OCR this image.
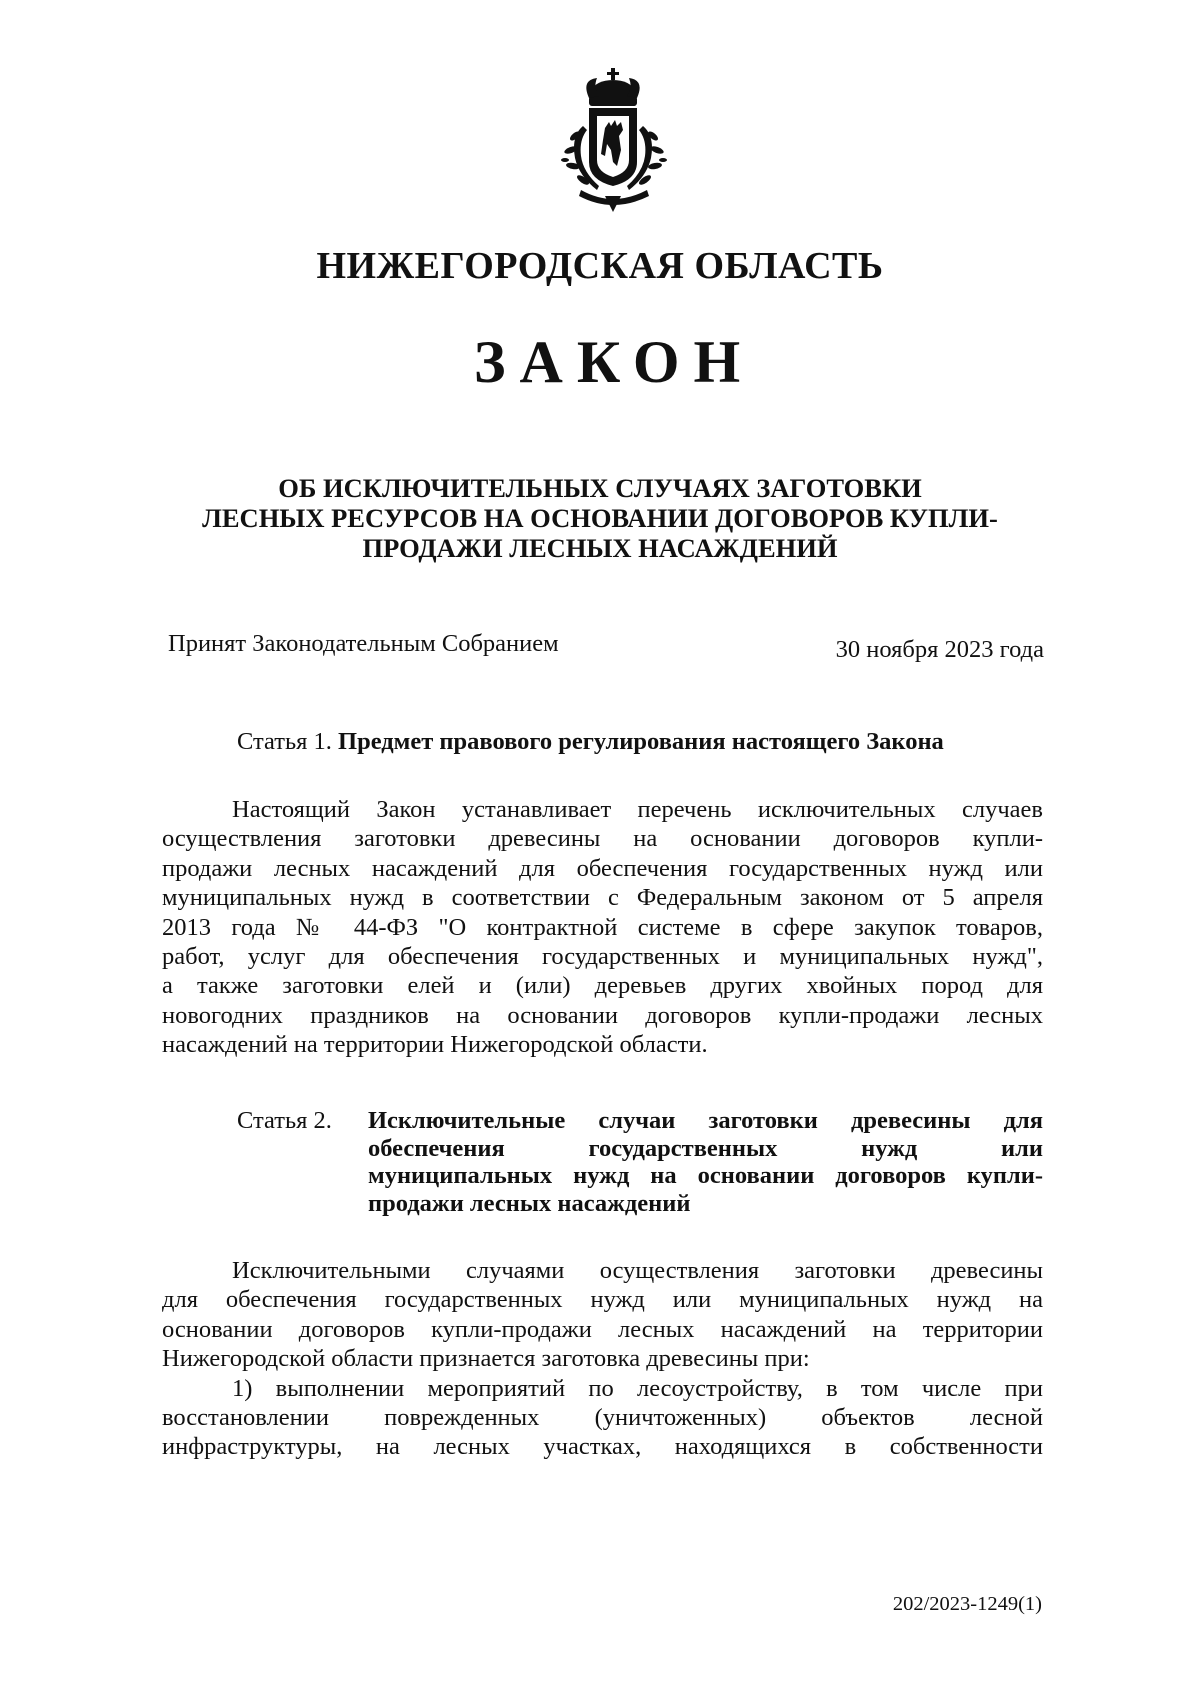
НИЖЕГОРОДСКАЯ ОБЛАСТЬ
ЗАКОН
ОБ ИСКЛЮЧИТЕЛЬНЫХ СЛУЧАЯХ ЗАГОТОВКИ
ЛЕСНЫХ РЕСУРСОВ НА ОСНОВАНИИ ДОГОВОРОВ КУПЛИ-
ПРОДАЖИ ЛЕСНЫХ НАСАЖДЕНИЙ
Принят Законодательным Собранием	30 ноября 2023 года
Статья 1. Предмет правового регулирования настоящего Закона
Настоящий Закон устанавливает перечень исключительных случаев
осуществления заготовки древесины на основании договоров купли-
продажи лесных насаждений для обеспечения государственных нужд или
муниципальных нужд в соответствии с Федеральным законом от 5 апреля
2013 года № 44-ФЗ "О контрактной системе в сфере закупок товаров,
работ, услуг для обеспечения государственных и муниципальных нужд",
а также заготовки елей и (или) деревьев других хвойных пород для
новогодних праздников на основании договоров купли-продажи лесных
насаждений на территории Нижегородской области.
Статья 2. Исключительные случаи заготовки древесины для
обеспечения государственных нужд или
муниципальных нужд на основании договоров купли-
продажи лесных насаждений
Исключительными случаями осуществления заготовки древесины
для обеспечения государственных нужд или муниципальных нужд на
основании договоров купли-продажи лесных насаждений на территории
Нижегородской области признается заготовка древесины при:
1) выполнении мероприятий по лесоустройству, в том числе при
восстановлении поврежденных (уничтоженных) объектов лесной
инфраструктуры, на лесных участках, находящихся в собственности
202/2023-1249(1)
